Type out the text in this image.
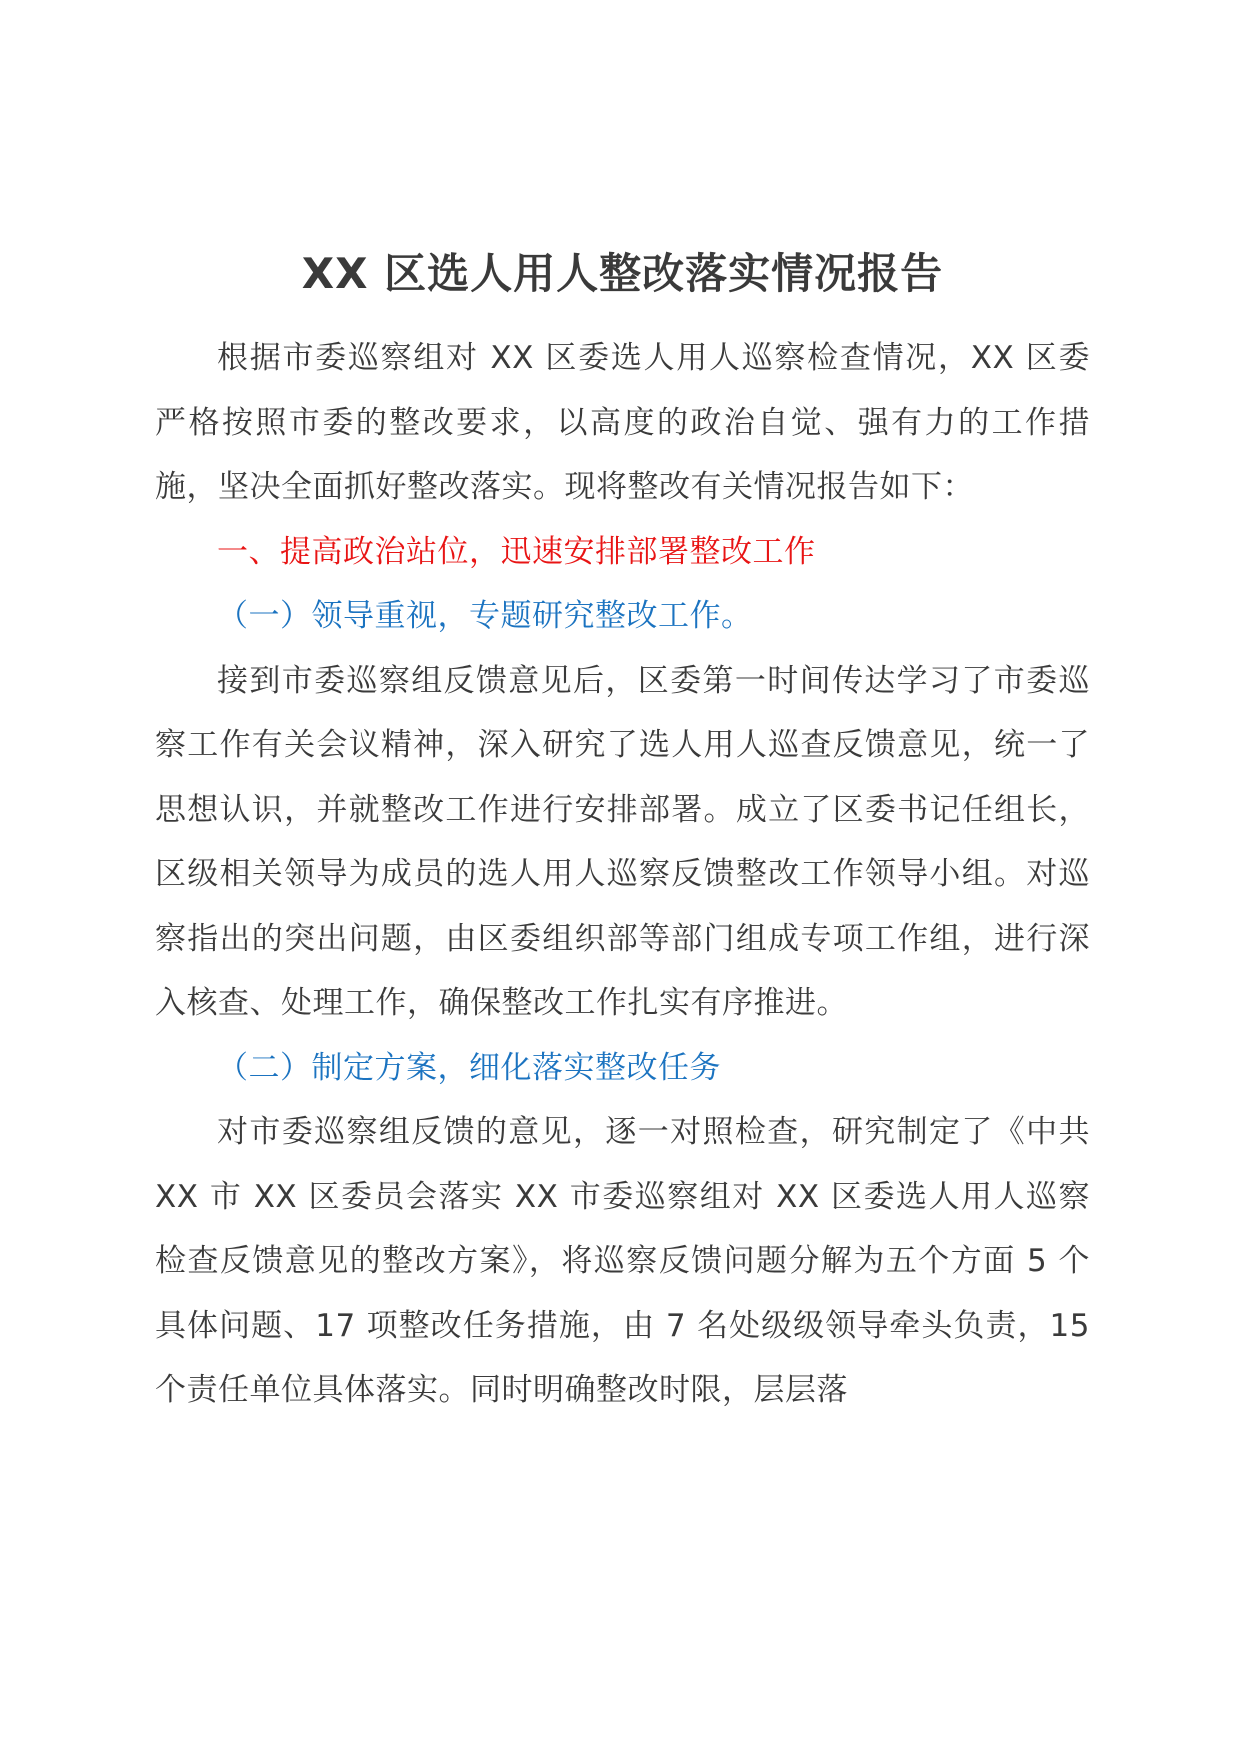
XX 区选人用人整改落实情况报告

根据市委巡察组对 XX 区委选人用人巡察检查情况，XX 区委严格按照市委的整改要求，以高度的政治自觉、强有力的工作措施，坚决全面抓好整改落实。现将整改有关情况报告如下：

一、提高政治站位，迅速安排部署整改工作

（一）领导重视，专题研究整改工作。

接到市委巡察组反馈意见后，区委第一时间传达学习了市委巡察工作有关会议精神，深入研究了选人用人巡查反馈意见，统一了思想认识，并就整改工作进行安排部署。成立了区委书记任组长，区级相关领导为成员的选人用人巡察反馈整改工作领导小组。对巡察指出的突出问题，由区委组织部等部门组成专项工作组，进行深入核查、处理工作，确保整改工作扎实有序推进。

（二）制定方案，细化落实整改任务

对市委巡察组反馈的意见，逐一对照检查，研究制定了《中共 XX 市 XX 区委员会落实 XX 市委巡察组对 XX 区委选人用人巡察检查反馈意见的整改方案》，将巡察反馈问题分解为五个方面 5 个具体问题、17 项整改任务措施，由 7 名处级级领导牵头负责，15 个责任单位具体落实。同时明确整改时限，层层落
